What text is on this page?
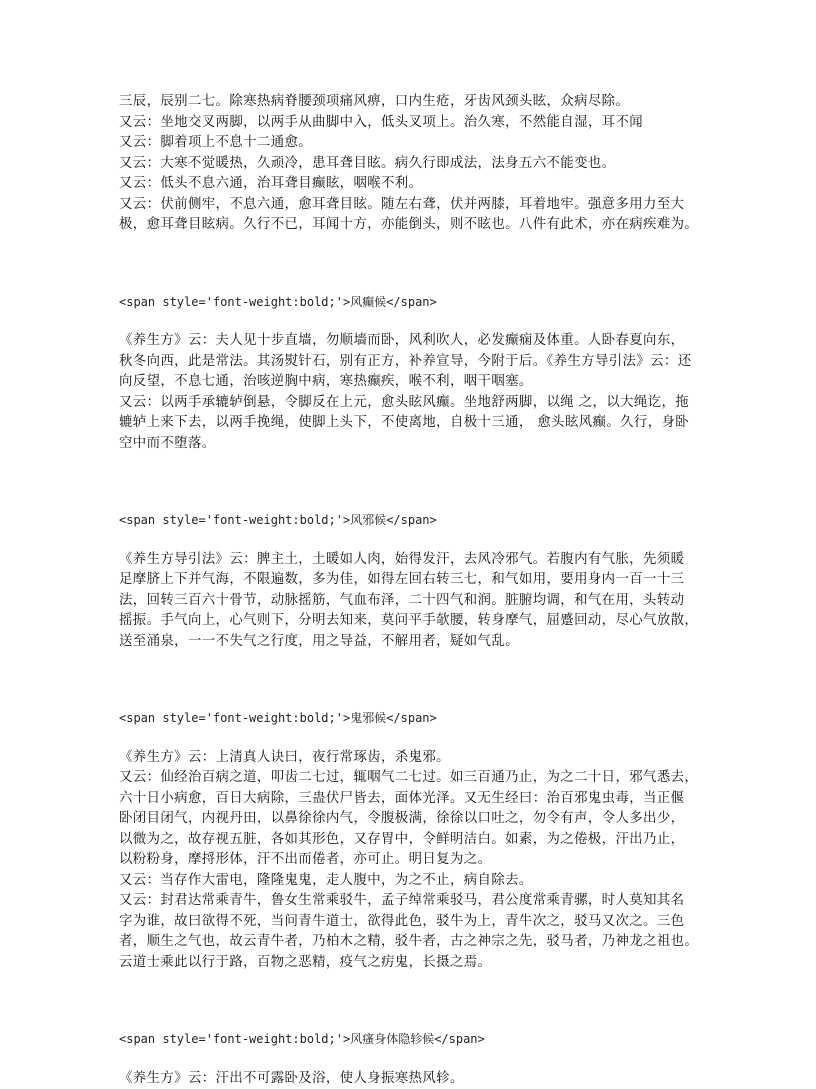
三辰，辰别二七。除寒热病脊腰颈项痛风痹，口内生疮，牙齿风颈头眩，众病尽除。
又云：坐地交叉两脚，以两手从曲脚中入，低头叉项上。治久寒，不然能自湿，耳不闻
又云：脚着项上不息十二通愈。
又云：大寒不觉暖热，久顽冷，患耳聋目眩。病久行即成法，法身五六不能变也。
又云：低头不息六通，治耳聋目癫眩，咽喉不利。
又云：伏前侧牢，不息六通，愈耳聋目眩。随左右聋，伏并两膝，耳着地牢。强意多用力至大
极，愈耳聋目眩病。久行不已，耳闻十方，亦能倒头，则不眩也。八件有此术，亦在病疾难为。

<span style='font-weight:bold;'>风癫候</span>

《养生方》云：夫人见十步直墙，勿顺墙而卧，风利吹人，必发癫痫及体重。人卧春夏向东，
秋冬向西，此是常法。其汤熨针石，别有正方，补养宣导，今附于后。《养生方导引法》云：还
向反望，不息七通，治咳逆胸中病，寒热癫疾，喉不利，咽干咽塞。
又云：以两手承辘轳倒悬，令脚反在上元，愈头眩风癫。坐地舒两脚，以绳 之，以大绳讫，拖
辘轳上来下去，以两手挽绳，使脚上头下，不使离地，自极十三通， 愈头眩风癫。久行，身卧
空中而不堕落。

<span style='font-weight:bold;'>风邪候</span>

《养生方导引法》云：脾主土，土暖如人肉，始得发汗，去风冷邪气。若腹内有气胀，先须暖
足摩脐上下并气海，不限遍数，多为佳，如得左回右转三七，和气如用，要用身内一百一十三
法，回转三百六十骨节，动脉摇筋，气血布泽，二十四气和润。脏腑均调，和气在用，头转动
摇振。手气向上，心气则下，分明去知来，莫问平手欹腰，转身摩气，屈蹙回动，尽心气放散，
送至涌泉，一一不失气之行度，用之导益，不解用者，疑如气乱。

<span style='font-weight:bold;'>鬼邪候</span>

《养生方》云：上清真人诀曰，夜行常琢齿，杀鬼邪。
又云：仙经治百病之道，叩齿二七过，辄咽气二七过。如三百通乃止，为之二十日，邪气悉去，
六十日小病愈，百日大病除，三蛊伏尸皆去，面体光泽。又无生经曰：治百邪鬼虫毒，当正偃
卧闭目闭气，内视丹田，以鼻徐徐内气，令腹极满，徐徐以口吐之，勿令有声，令人多出少，
以微为之，故存视五脏，各如其形色，又存胃中，令鲜明洁白。如素，为之倦极，汗出乃止，
以粉粉身，摩捋形体，汗不出而倦者，亦可止。明日复为之。
又云：当存作大雷电，隆隆鬼鬼，走人腹中，为之不止，病自除去。
又云：封君达常乘青牛，鲁女生常乘驳牛，孟子绰常乘驳马，君公度常乘青骡，时人莫知其名
字为谁，故曰欲得不死，当问青牛道士，欲得此色，驳牛为上，青牛次之，驳马又次之。三色
者，顺生之气也，故云青牛者，乃柏木之精，驳牛者，古之神宗之先，驳马者，乃神龙之祖也。
云道士乘此以行于路，百物之恶精，疫气之疠鬼，长摄之焉。

<span style='font-weight:bold;'>风瘙身体隐轸候</span>

《养生方》云：汗出不可露卧及浴，使人身振寒热风轸。
